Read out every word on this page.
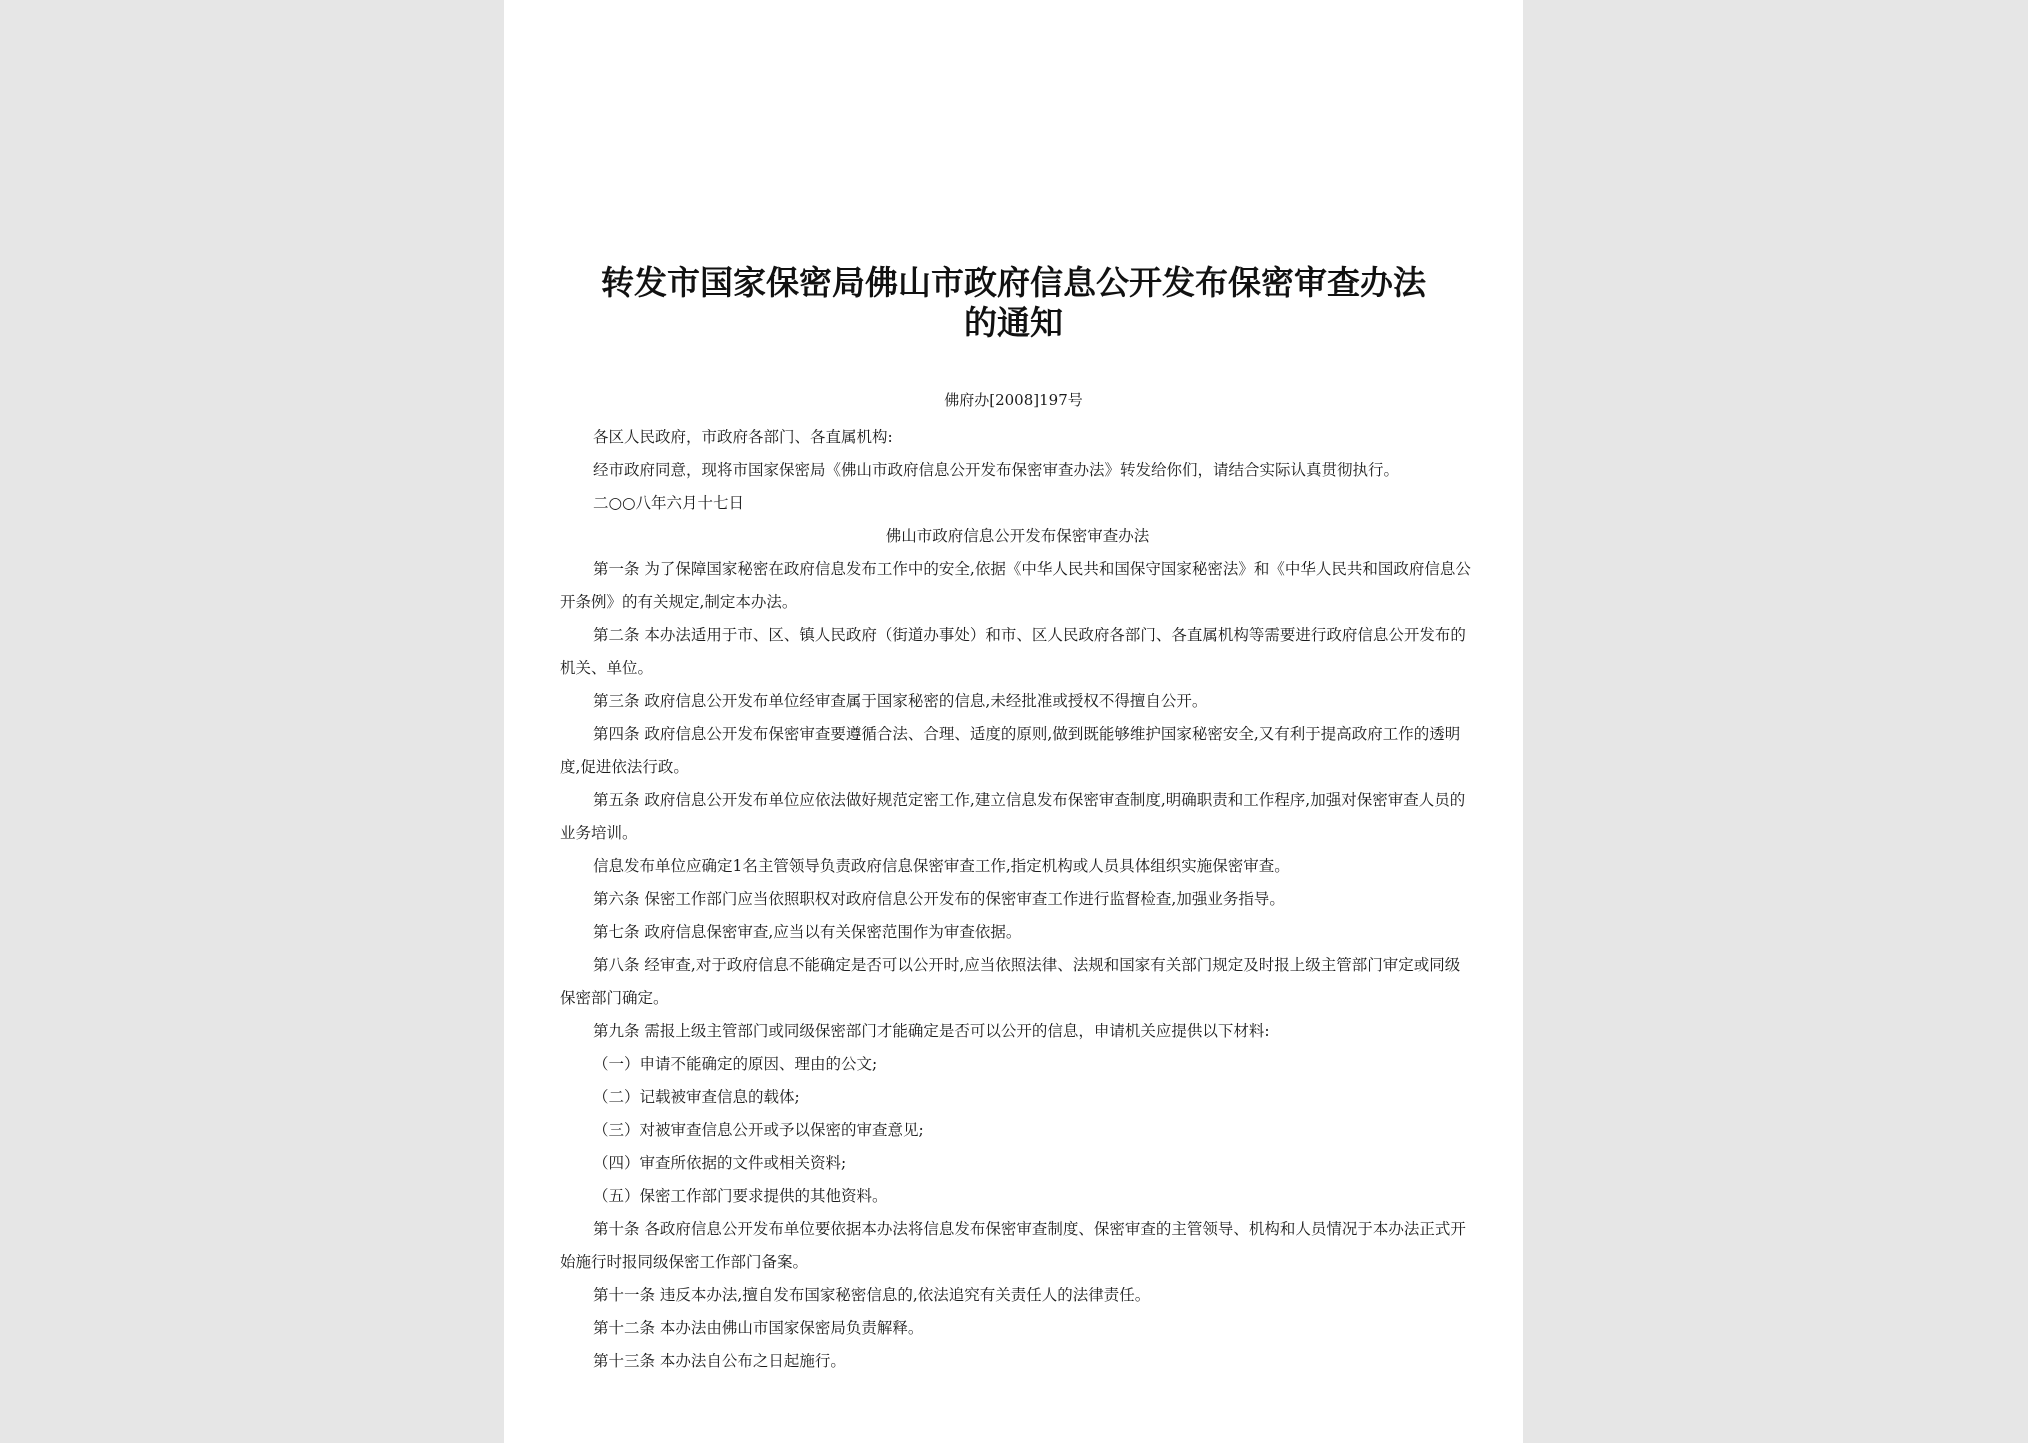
转发市国家保密局佛山市政府信息公开发布保密审查办法的通知
佛府办[2008]197号

各区人民政府，市政府各部门、各直属机构:

经市政府同意，现将市国家保密局《佛山市政府信息公开发布保密审查办法》转发给你们，请结合实际认真贯彻执行。

二○○八年六月十七日

佛山市政府信息公开发布保密审查办法

第一条 为了保障国家秘密在政府信息发布工作中的安全,依据《中华人民共和国保守国家秘密法》和《中华人民共和国政府信息公开条例》的有关规定,制定本办法。

第二条 本办法适用于市、区、镇人民政府（街道办事处）和市、区人民政府各部门、各直属机构等需要进行政府信息公开发布的机关、单位。

第三条 政府信息公开发布单位经审查属于国家秘密的信息,未经批准或授权不得擅自公开。

第四条 政府信息公开发布保密审查要遵循合法、合理、适度的原则,做到既能够维护国家秘密安全,又有利于提高政府工作的透明度,促进依法行政。

第五条 政府信息公开发布单位应依法做好规范定密工作,建立信息发布保密审查制度,明确职责和工作程序,加强对保密审查人员的业务培训。

信息发布单位应确定1名主管领导负责政府信息保密审查工作,指定机构或人员具体组织实施保密审查。

第六条 保密工作部门应当依照职权对政府信息公开发布的保密审查工作进行监督检查,加强业务指导。

第七条 政府信息保密审查,应当以有关保密范围作为审查依据。

第八条 经审查,对于政府信息不能确定是否可以公开时,应当依照法律、法规和国家有关部门规定及时报上级主管部门审定或同级保密部门确定。

第九条 需报上级主管部门或同级保密部门才能确定是否可以公开的信息，申请机关应提供以下材料:

（一）申请不能确定的原因、理由的公文;

（二）记载被审查信息的载体;

（三）对被审查信息公开或予以保密的审查意见;

（四）审查所依据的文件或相关资料;

（五）保密工作部门要求提供的其他资料。

第十条 各政府信息公开发布单位要依据本办法将信息发布保密审查制度、保密审查的主管领导、机构和人员情况于本办法正式开始施行时报同级保密工作部门备案。

第十一条 违反本办法,擅自发布国家秘密信息的,依法追究有关责任人的法律责任。

第十二条 本办法由佛山市国家保密局负责解释。

第十三条 本办法自公布之日起施行。
